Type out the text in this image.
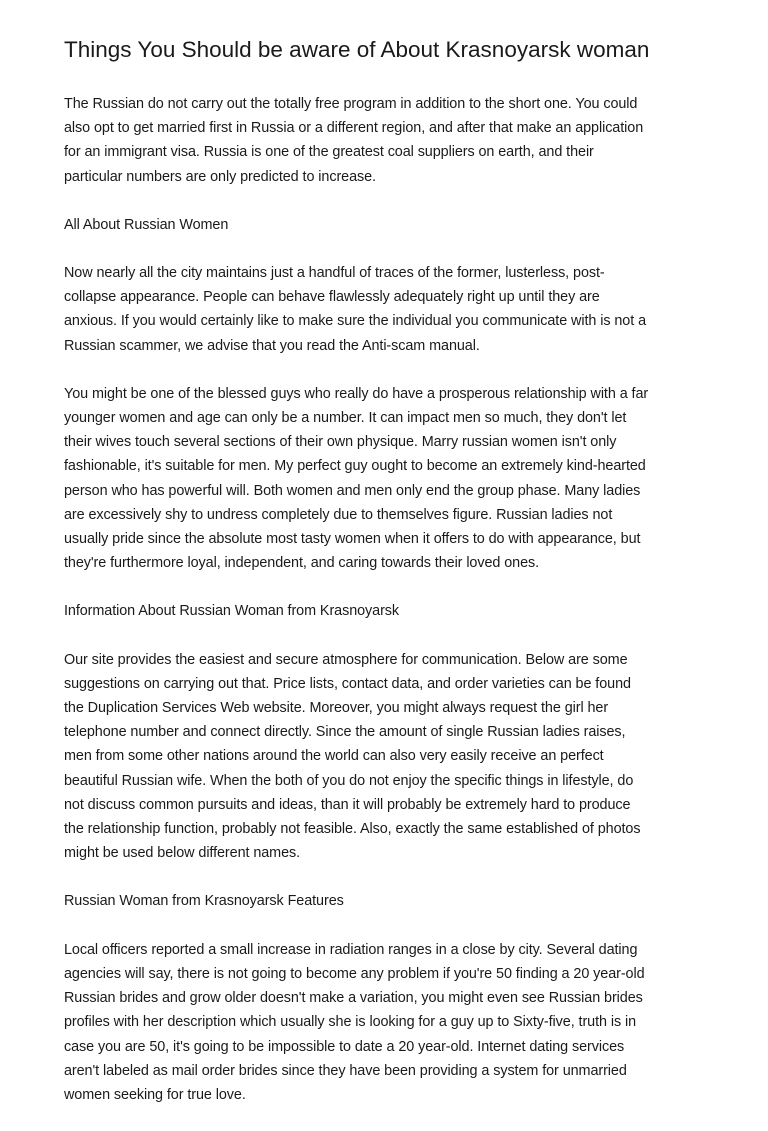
Things You Should be aware of About Krasnoyarsk woman

The Russian do not carry out the totally free program in addition to the short one. You could
also opt to get married first in Russia or a different region, and after that make an application
for an immigrant visa. Russia is one of the greatest coal suppliers on earth, and their
particular numbers are only predicted to increase.

All About Russian Women

Now nearly all the city maintains just a handful of traces of the former, lusterless, post-
collapse appearance. People can behave flawlessly adequately right up until they are
anxious. If you would certainly like to make sure the individual you communicate with is not a
Russian scammer, we advise that you read the Anti-scam manual.

You might be one of the blessed guys who really do have a prosperous relationship with a far
younger women and age can only be a number. It can impact men so much, they don't let
their wives touch several sections of their own physique. Marry russian women isn't only
fashionable, it's suitable for men. My perfect guy ought to become an extremely kind-hearted
person who has powerful will. Both women and men only end the group phase. Many ladies
are excessively shy to undress completely due to themselves figure. Russian ladies not
usually pride since the absolute most tasty women when it offers to do with appearance, but
they're furthermore loyal, independent, and caring towards their loved ones.

Information About Russian Woman from Krasnoyarsk

Our site provides the easiest and secure atmosphere for communication. Below are some
suggestions on carrying out that. Price lists, contact data, and order varieties can be found
the Duplication Services Web website. Moreover, you might always request the girl her
telephone number and connect directly. Since the amount of single Russian ladies raises,
men from some other nations around the world can also very easily receive an perfect
beautiful Russian wife. When the both of you do not enjoy the specific things in lifestyle, do
not discuss common pursuits and ideas, than it will probably be extremely hard to produce
the relationship function, probably not feasible. Also, exactly the same established of photos
might be used below different names.

Russian Woman from Krasnoyarsk Features

Local officers reported a small increase in radiation ranges in a close by city. Several dating
agencies will say, there is not going to become any problem if you're 50 finding a 20 year-old
Russian brides and grow older doesn't make a variation, you might even see Russian brides
profiles with her description which usually she is looking for a guy up to Sixty-five, truth is in
case you are 50, it's going to be impossible to date a 20 year-old. Internet dating services
aren't labeled as mail order brides since they have been providing a system for unmarried
women seeking for true love.
